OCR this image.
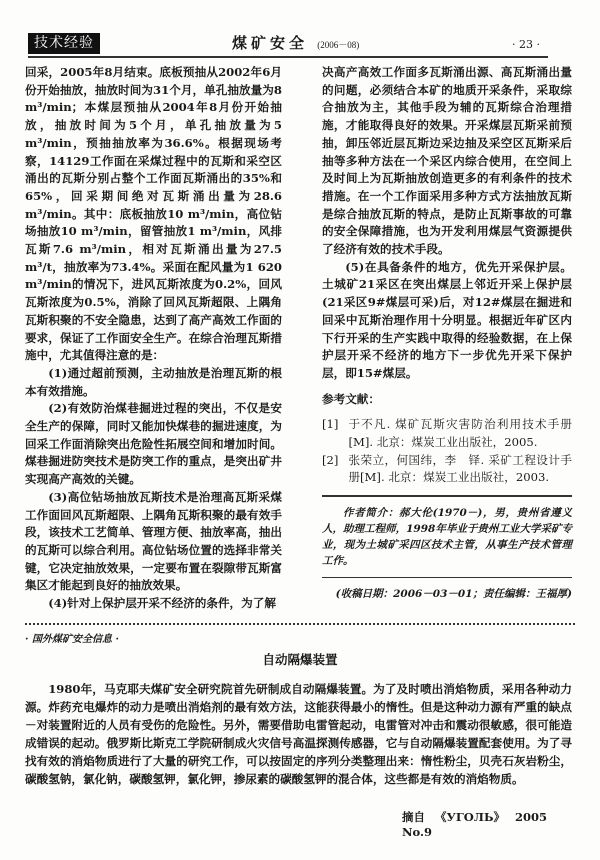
技术经验	煤矿安全 (2006－08)	· 23 ·

回采，2005年8月结束。底板预抽从2002年6月份开始抽放，抽放时间为31个月，单孔抽放量为8 m³/min；本煤层预抽从2004年8月份开始抽放，抽放时间为5个月，单孔抽放量为5 m³/min，预抽抽放率为36.6%。根据现场考察，14129工作面在采煤过程中的瓦斯和采空区涌出的瓦斯分别占整个工作面瓦斯涌出的35%和65%，回采期间绝对瓦斯涌出量为28.6 m³/min。其中：底板抽放10 m³/min，高位钻场抽放10 m³/min，留管抽放1 m³/min，风排瓦斯7.6 m³/min，相对瓦斯涌出量为27.5 m³/t，抽放率为73.4%。采面在配风量为1 620 m³/min的情况下，进风瓦斯浓度为0.2%，回风瓦斯浓度为0.5%，消除了回风瓦斯超限、上隅角瓦斯积聚的不安全隐患，达到了高产高效工作面的要求，保证了工作面安全生产。在综合治理瓦斯措施中，尤其值得注意的是：

(1)通过超前预测，主动抽放是治理瓦斯的根本有效措施。

(2)有效防治煤巷掘进过程的突出，不仅是安全生产的保障，同时又能加快煤巷的掘进速度，为回采工作面消除突出危险性拓展空间和增加时间。煤巷掘进防突技术是防突工作的重点，是突出矿井实现高产高效的关键。

(3)高位钻场抽放瓦斯技术是治理高瓦斯采煤工作面回风瓦斯超限、上隅角瓦斯积聚的最有效手段，该技术工艺简单、管理方便、抽放率高，抽出的瓦斯可以综合利用。高位钻场位置的选择非常关键，它决定抽放效果，一定要布置在裂隙带瓦斯富集区才能起到良好的抽放效果。

(4)针对上保护层开采不经济的条件，为了解

决高产高效工作面多瓦斯涌出源、高瓦斯涌出量的问题，必须结合本矿的地质开采条件，采取综合抽放为主，其他手段为辅的瓦斯综合治理措施，才能取得良好的效果。开采煤层瓦斯采前预抽，卸压邻近层瓦斯边采边抽及采空区瓦斯采后抽等多种方法在一个采区内综合使用，在空间上及时间上为瓦斯抽放创造更多的有利条件的技术措施。在一个工作面采用多种方式方法抽放瓦斯是综合抽放瓦斯的特点，是防止瓦斯事故的可靠的安全保障措施，也为开发利用煤层气资源提供了经济有效的技术手段。

(5)在具备条件的地方，优先开采保护层。土城矿21采区在突出煤层上邻近开采上保护层(21采区9#煤层可采)后，对12#煤层在掘进和回采中瓦斯治理作用十分明显。根据近年矿区内下行开采的生产实践中取得的经验数据，在上保护层开采不经济的地方下一步优先开采下保护层，即15#煤层。

参考文献：

[1] 于不凡. 煤矿瓦斯灾害防治利用技术手册[M]. 北京：煤炭工业出版社，2005.
[2] 张荣立，何国纬，李　铎. 采矿工程设计手册[M]. 北京：煤炭工业出版社，2003.

作者简介：郝大伦(1970－)，男，贵州省遵义人，助理工程师，1998年毕业于贵州工业大学采矿专业，现为土城矿采四区技术主管，从事生产技术管理工作。

(收稿日期：2006－03－01；责任编辑：王福厚)

· 国外煤矿安全信息 ·
自动隔爆装置

1980年，马克耶夫煤矿安全研究院首先研制成自动隔爆装置。为了及时喷出消焰物质，采用各种动力源。炸药充电爆炸的动力是喷出消焰剂的最有效方法，这能获得最小的惰性。但是这种动力源有严重的缺点－对装置附近的人员有受伤的危险性。另外，需要借助电雷管起动，电雷管对冲击和震动很敏感，很可能造成错误的起动。俄罗斯比斯克工学院研制成火灾信号高温探测传感器，它与自动隔爆装置配套使用。为了寻找有效的消焰物质进行了大量的研究工作，可以按固定的序列分类整理出来：惰性粉尘，贝壳石灰岩粉尘，碳酸氢钠，氯化钠，碳酸氢钾，氯化钾，掺尿素的碳酸氢钾的混合体，这些都是有效的消焰物质。

摘自 《УГОЛЬ》 2005 No.9
